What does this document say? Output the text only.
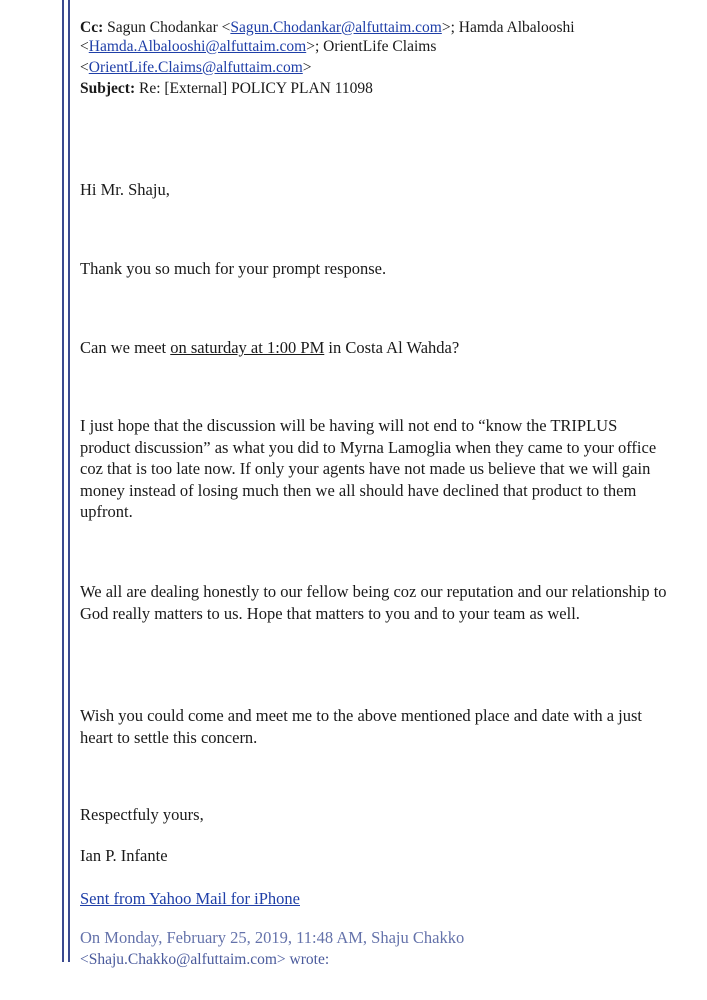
Cc: Sagun Chodankar <Sagun.Chodankar@alfuttaim.com>; Hamda Albalooshi
<Hamda.Albalooshi@alfuttaim.com>; OrientLife Claims
<OrientLife.Claims@alfuttaim.com>
Subject: Re: [External] POLICY PLAN 11098

Hi Mr. Shaju,

Thank you so much for your prompt response.

Can we meet on saturday at 1:00 PM in Costa Al Wahda?

I just hope that the discussion will be having will not end to “know the TRIPLUS product discussion” as what you did to Myrna Lamoglia when they came to your office coz that is too late now. If only your agents have not made us believe that we will gain money instead of losing much then we all should have declined that product to them upfront.

We all are dealing honestly to our fellow being coz our reputation and our relationship to God really matters to us. Hope that matters to you and to your team as well.

Wish you could come and meet me to the above mentioned place and date with a just heart to settle this concern.

Respectfuly yours,

Ian P. Infante

Sent from Yahoo Mail for iPhone

On Monday, February 25, 2019, 11:48 AM, Shaju Chakko

<Shaju.Chakko@alfuttaim.com> wrote:
